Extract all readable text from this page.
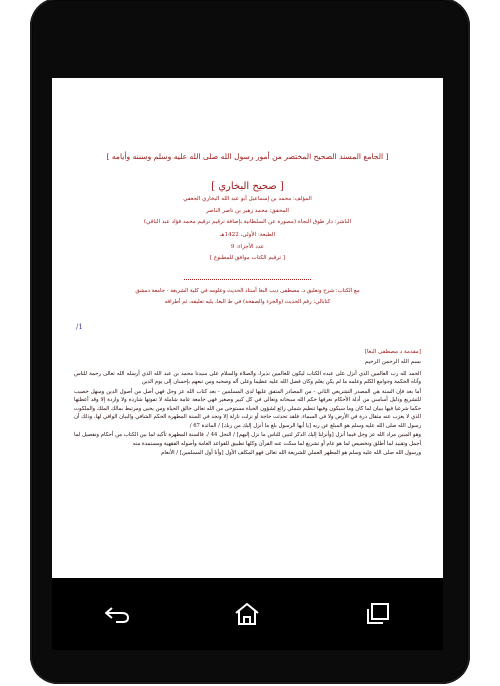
[ الجامع المسند الصحيح المختصر من أمور رسول الله صلى الله عليه وسلم وسننه وأيامه ]
[ صحيح البخاري ]
المؤلف: محمد بن إسماعيل أبو عبد الله البخاري الجعفي
المحقق: محمد زهير بن ناصر الناصر
الناشر: دار طوق النجاة (مصورة عن السلطانية بإضافة ترقيم ترقيم محمد فؤاد عبد الباقي)
الطبعة: الأولى، 1422هـ
عدد الأجزاء: 9
[ ترقيم الكتاب موافق للمطبوع ]
مع الكتاب: شرح وتعليق د. مصطفى ديب البغا أستاذ الحديث وعلومه في كلية الشريعة - جامعة دمشق
كتابالي: رقم الحديث (والجزء والصفحة) في ط البغا، يليه تعليقه، ثم أطرافه
/1
[مقدمة د مصطفى البغا]
بسم الله الرحمن الرحيم

الحمد لله رب العالمين الذي أنزل على عبده الكتاب ليكون للعالمين نذيرا، والصلاة والسلام على سيدنا محمد بن عبد الله الذي أرسله الله تعالى رحمة للناس وآتاه الحكمة وجوامع الكلم وعلمه ما لم يكن يعلم وكان فضل الله عليه عظيما وعلى آله وصحبه ومن تبعهم بإحسان إلى يوم الدين

أما بعد فإن السنة هي المصدر التشريعي الثاني - من المصادر المتفق عليها لدى المسلمين - بعد كتاب الله عز وجل فهي أصل من أصول الدين ومنهل خصيب للتشريع ودليل أساسي من أدلة الأحكام نعرفها حكم الله سبحانه وتعالى في كل كبير وصغير فهي جامعة عامة شاملة لا تفوتها شاردة ولا واردة إلا وقد أعطتها حكما شرعيا فيها ببيان لما كان وما سيكون وفيها تنظيم شملي رائع لشؤون الحياة مستوحى من الله تعالى خالق الحياة ومن يحيى ومرتبط بمالك الملك والملكوت الذي لا يعزب عنه مثقال ذرة في الأرض ولا في السماء. فلقد تحدثت حاجة أو نزلت نازلة إلا ونجد في السنة المطهرة الحكم الشافي والبيان الوافي لها. وذلك أن رسول الله صلى الله عليه وسلم هو المبلغ عن ربه [يا أيها الرسول بلغ ما أنزل إليك من ربك] / المائدة 67 /

وهو المبين مراد الله عز وجل فيما أنزل [وأنزلنا إليك الذكر لتبين للناس ما نزل إليهم] / النحل 44 /. فالسنة المطهرة تأكيد لما بين الكتاب من أحكام وتفصيل لما أجمل وتقييد لما أطلق وتخصيص لما هو عام أو تشريع لما سكت عنه القرآن وكلها تطبيق للقواعد العامة وأصوله الفقهية ومستمدة منه

ورسول الله صلى الله عليه وسلم هو المظهر العملي للشريعة الله تعالى فهو المكلف الأول [وأنا أول المسلمين] / الأنعام
